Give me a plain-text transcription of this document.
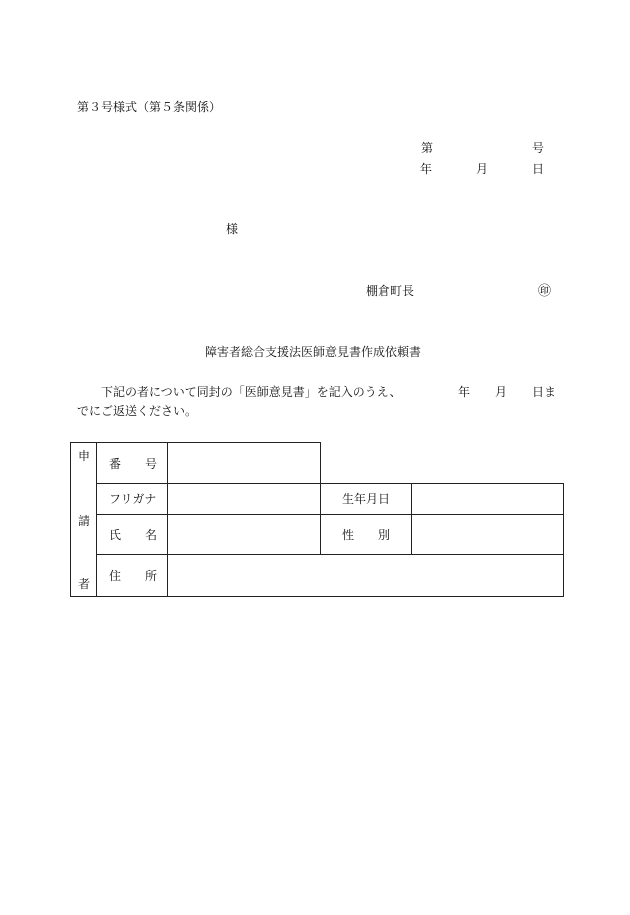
第３号様式（第５条関係）
第	号
年	月	日
様
棚倉町長	㊞
障害者総合支援法医師意見書作成依頼書
下記の者について同封の「医師意見書」を記入のうえ、	年 月 日ま
でにご返送ください。
申
請
者
番　　号
フリガナ	生年月日
氏　　名	性　　別
住　　所
